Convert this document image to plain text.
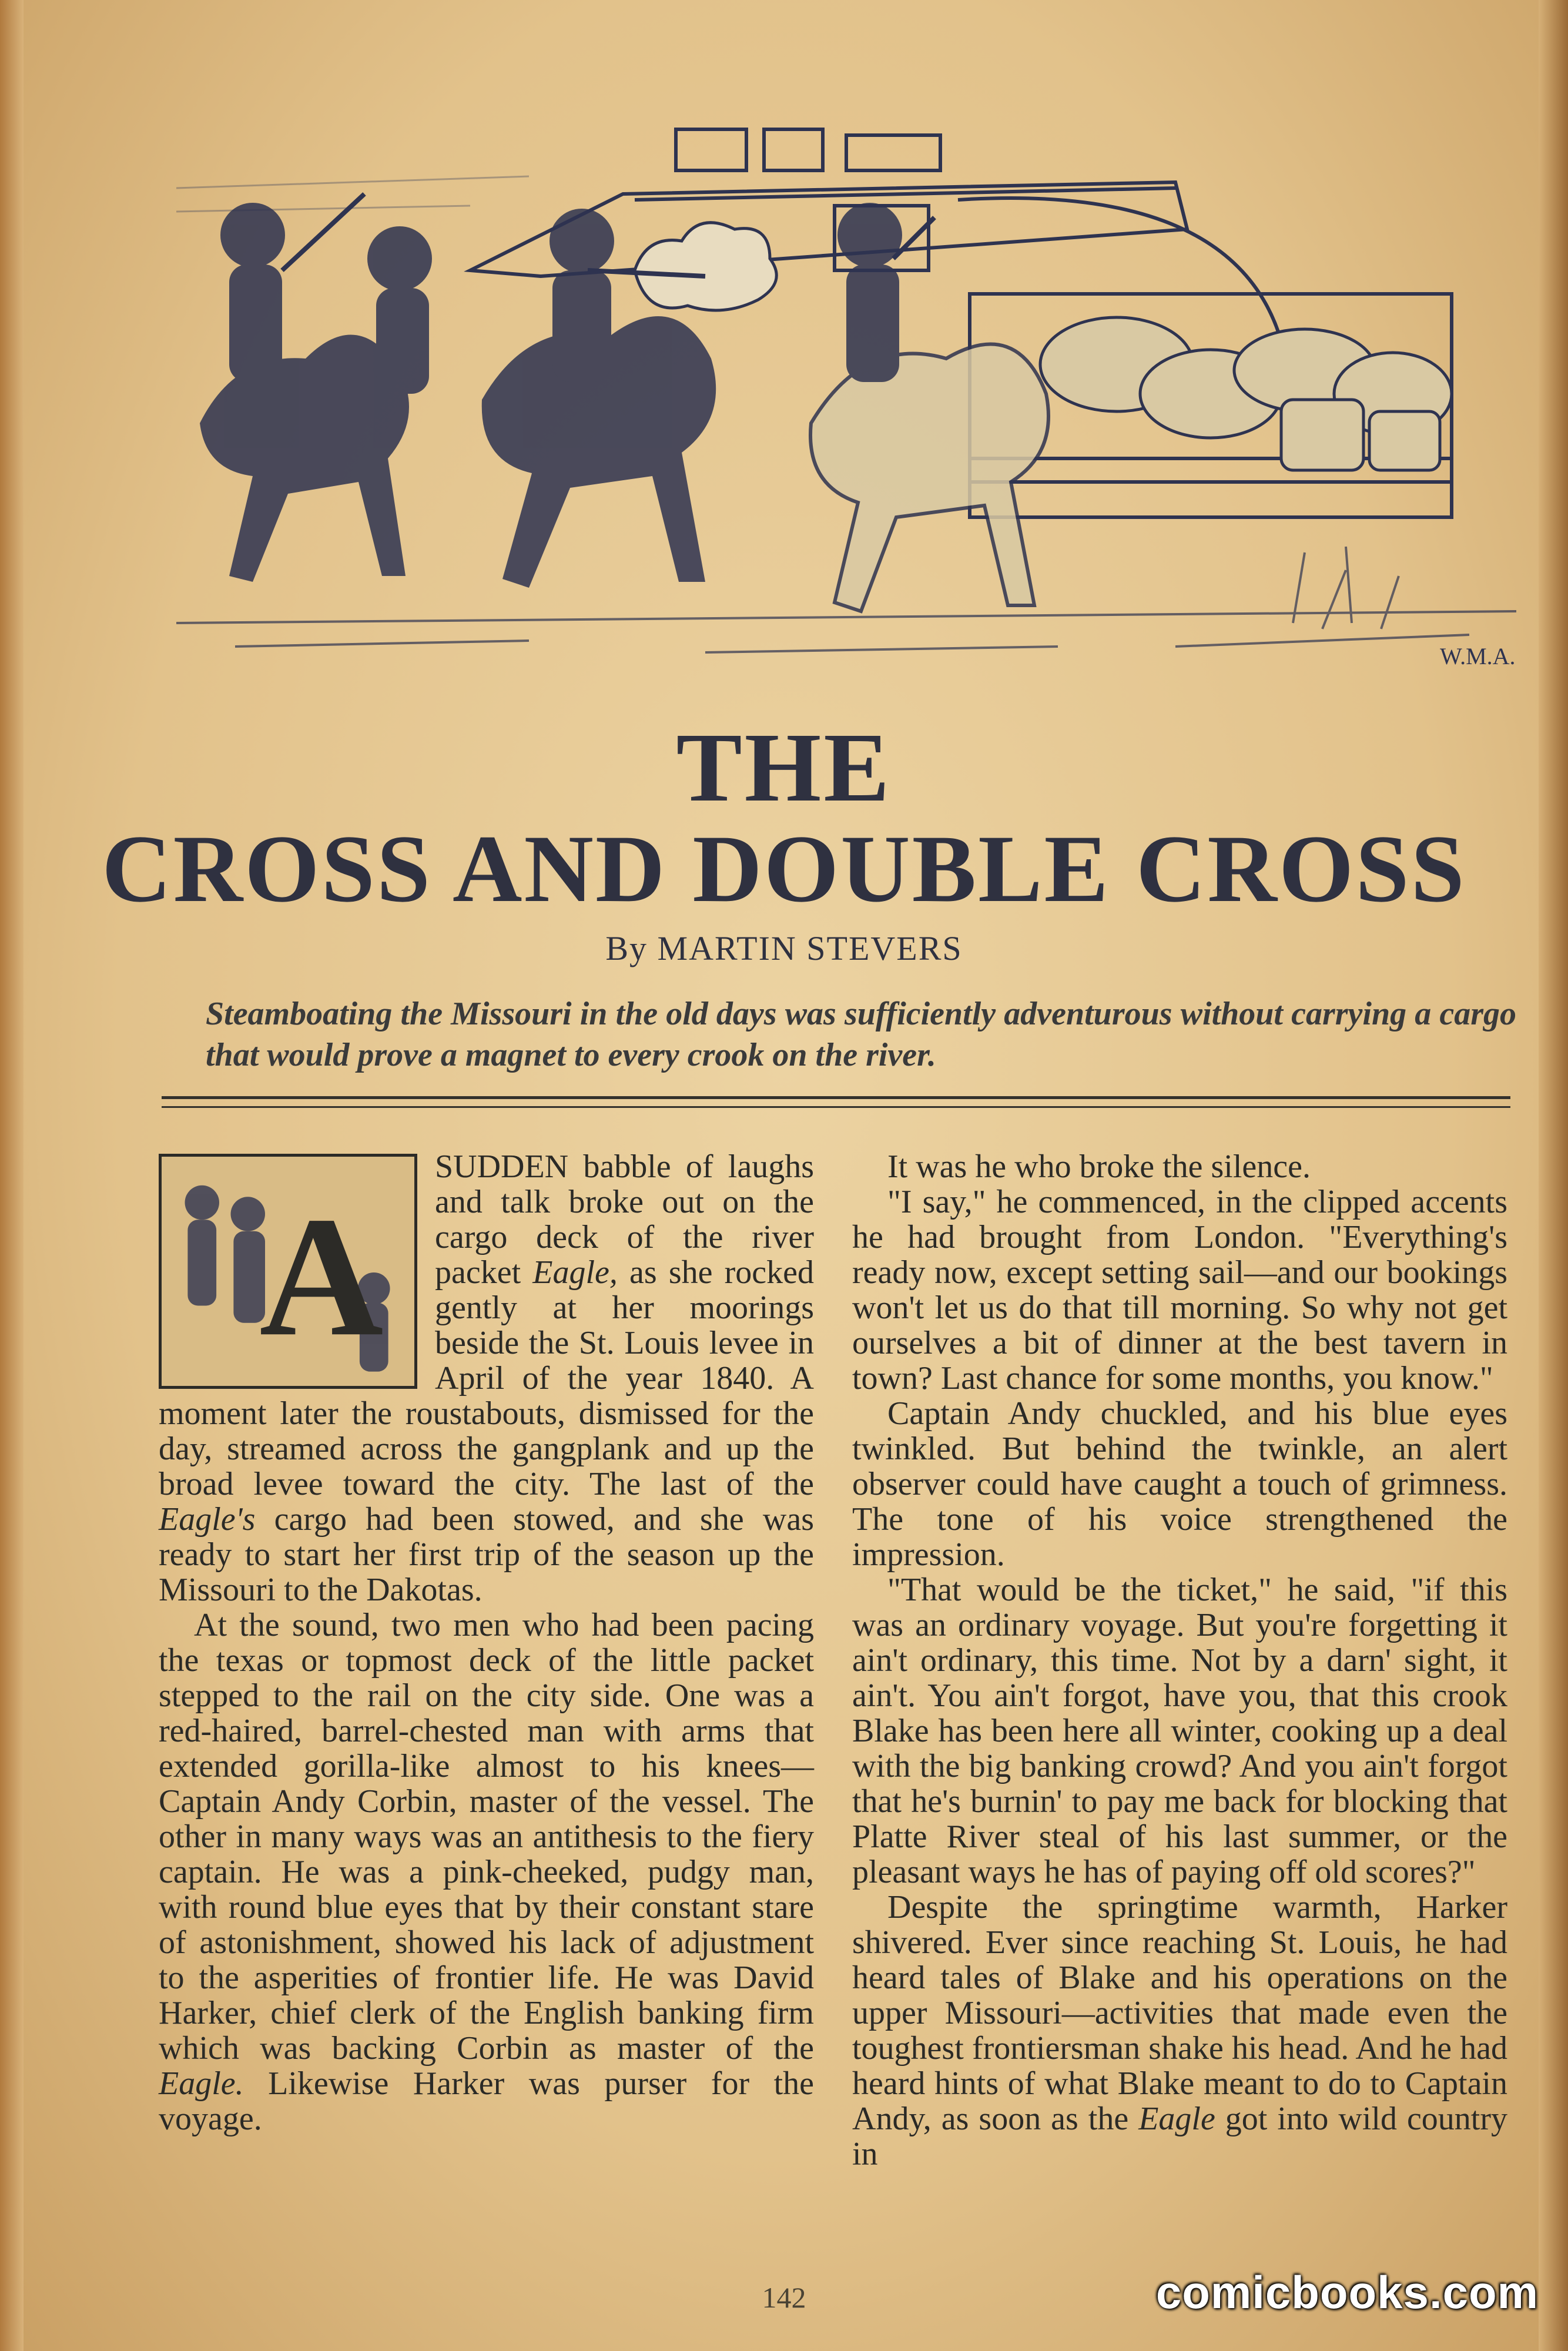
W.M.A.
THE
CROSS AND DOUBLE CROSS
By MARTIN STEVERS
Steamboating the Missouri in the old days was sufficiently adventurous without carrying a cargo that would prove a magnet to every crook on the river.
A

SUDDEN babble of laughs and talk broke out on the cargo deck of the river packet Eagle, as she rocked gently at her moorings beside the St. Louis levee in April of the year 1840. A moment later the roustabouts, dismissed for the day, streamed across the gangplank and up the broad levee toward the city. The last of the Eagle's cargo had been stowed, and she was ready to start her first trip of the season up the Missouri to the Dakotas.

At the sound, two men who had been pacing the texas or topmost deck of the little packet stepped to the rail on the city side. One was a red-haired, barrel-chested man with arms that extended gorilla-like almost to his knees—Captain Andy Corbin, master of the vessel. The other in many ways was an antithesis to the fiery captain. He was a pink-cheeked, pudgy man, with round blue eyes that by their constant stare of astonishment, showed his lack of adjustment to the asperities of frontier life. He was David Harker, chief clerk of the English banking firm which was backing Corbin as master of the Eagle. Likewise Harker was purser for the voyage.

It was he who broke the silence.

"I say," he commenced, in the clipped accents he had brought from London. "Everything's ready now, except setting sail—and our bookings won't let us do that till morning. So why not get ourselves a bit of dinner at the best tavern in town? Last chance for some months, you know."

Captain Andy chuckled, and his blue eyes twinkled. But behind the twinkle, an alert observer could have caught a touch of grimness. The tone of his voice strengthened the impression.

"That would be the ticket," he said, "if this was an ordinary voyage. But you're forgetting it ain't ordinary, this time. Not by a darn' sight, it ain't. You ain't forgot, have you, that this crook Blake has been here all winter, cooking up a deal with the big banking crowd? And you ain't forgot that he's burnin' to pay me back for blocking that Platte River steal of his last summer, or the pleasant ways he has of paying off old scores?"

Despite the springtime warmth, Harker shivered. Ever since reaching St. Louis, he had heard tales of Blake and his operations on the upper Missouri—activities that made even the toughest frontiersman shake his head. And he had heard hints of what Blake meant to do to Captain Andy, as soon as the Eagle got into wild country in

142	comicbooks.com
